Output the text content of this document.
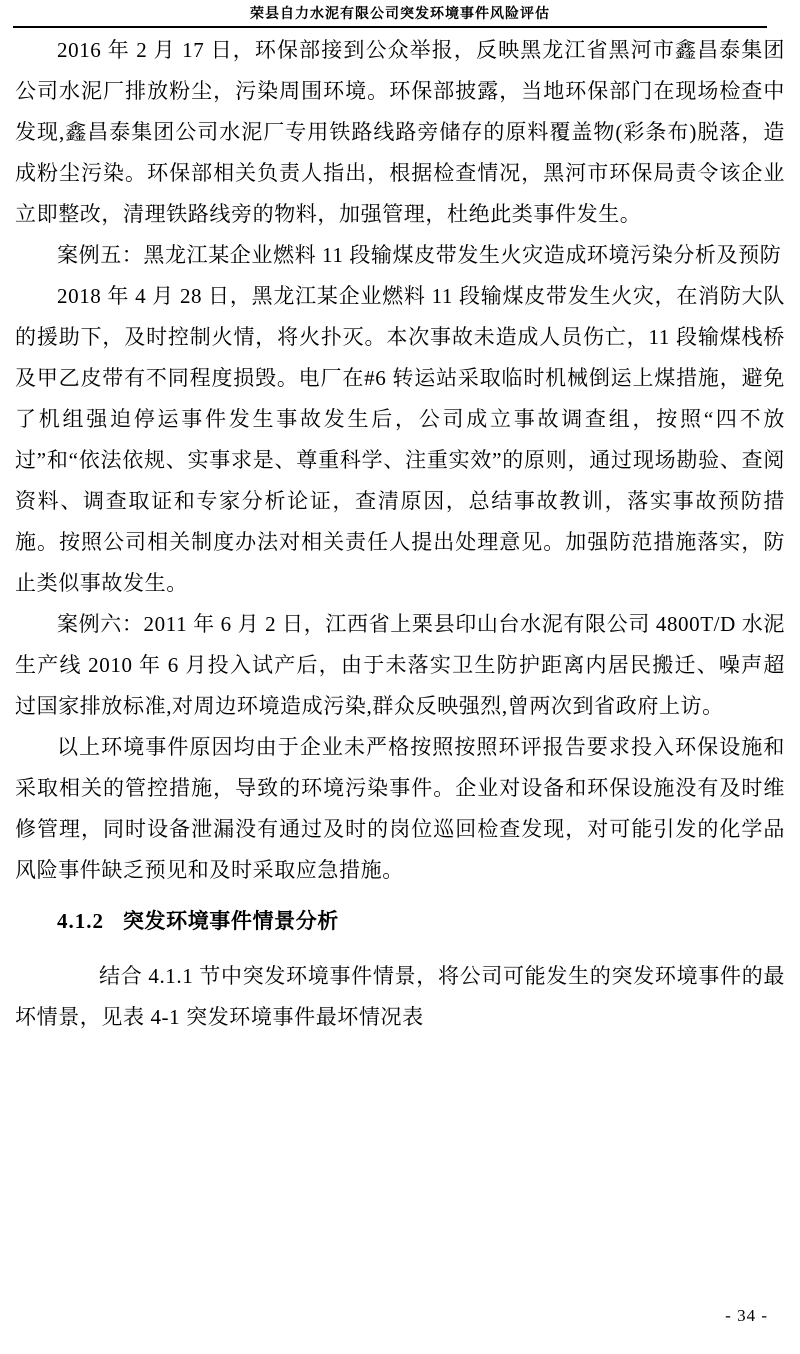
荣县自力水泥有限公司突发环境事件风险评估

2016 年 2 月 17 日，环保部接到公众举报，反映黑龙江省黑河市鑫昌泰集团公司水泥厂排放粉尘，污染周围环境。环保部披露，当地环保部门在现场检查中发现,鑫昌泰集团公司水泥厂专用铁路线路旁储存的原料覆盖物(彩条布)脱落，造成粉尘污染。环保部相关负责人指出，根据检查情况，黑河市环保局责令该企业立即整改，清理铁路线旁的物料，加强管理，杜绝此类事件发生。

案例五：黑龙江某企业燃料 11 段输煤皮带发生火灾造成环境污染分析及预防

2018 年 4 月 28 日，黑龙江某企业燃料 11 段输煤皮带发生火灾，在消防大队的援助下，及时控制火情，将火扑灭。本次事故未造成人员伤亡，11 段输煤栈桥及甲乙皮带有不同程度损毁。电厂在#6 转运站采取临时机械倒运上煤措施，避免了机组强迫停运事件发生事故发生后，公司成立事故调查组，按照“四不放过”和“依法依规、实事求是、尊重科学、注重实效”的原则，通过现场勘验、查阅资料、调查取证和专家分析论证，查清原因，总结事故教训，落实事故预防措施。按照公司相关制度办法对相关责任人提出处理意见。加强防范措施落实，防止类似事故发生。

案例六：2011 年 6 月 2 日，江西省上栗县印山台水泥有限公司 4800T/D 水泥生产线 2010 年 6 月投入试产后，由于未落实卫生防护距离内居民搬迁、噪声超过国家排放标准,对周边环境造成污染,群众反映强烈,曾两次到省政府上访。

以上环境事件原因均由于企业未严格按照按照环评报告要求投入环保设施和采取相关的管控措施，导致的环境污染事件。企业对设备和环保设施没有及时维修管理，同时设备泄漏没有通过及时的岗位巡回检查发现，对可能引发的化学品风险事件缺乏预见和及时采取应急措施。

4.1.2 突发环境事件情景分析

结合 4.1.1 节中突发环境事件情景，将公司可能发生的突发环境事件的最坏情景，见表 4-1 突发环境事件最坏情况表

- 34 -
